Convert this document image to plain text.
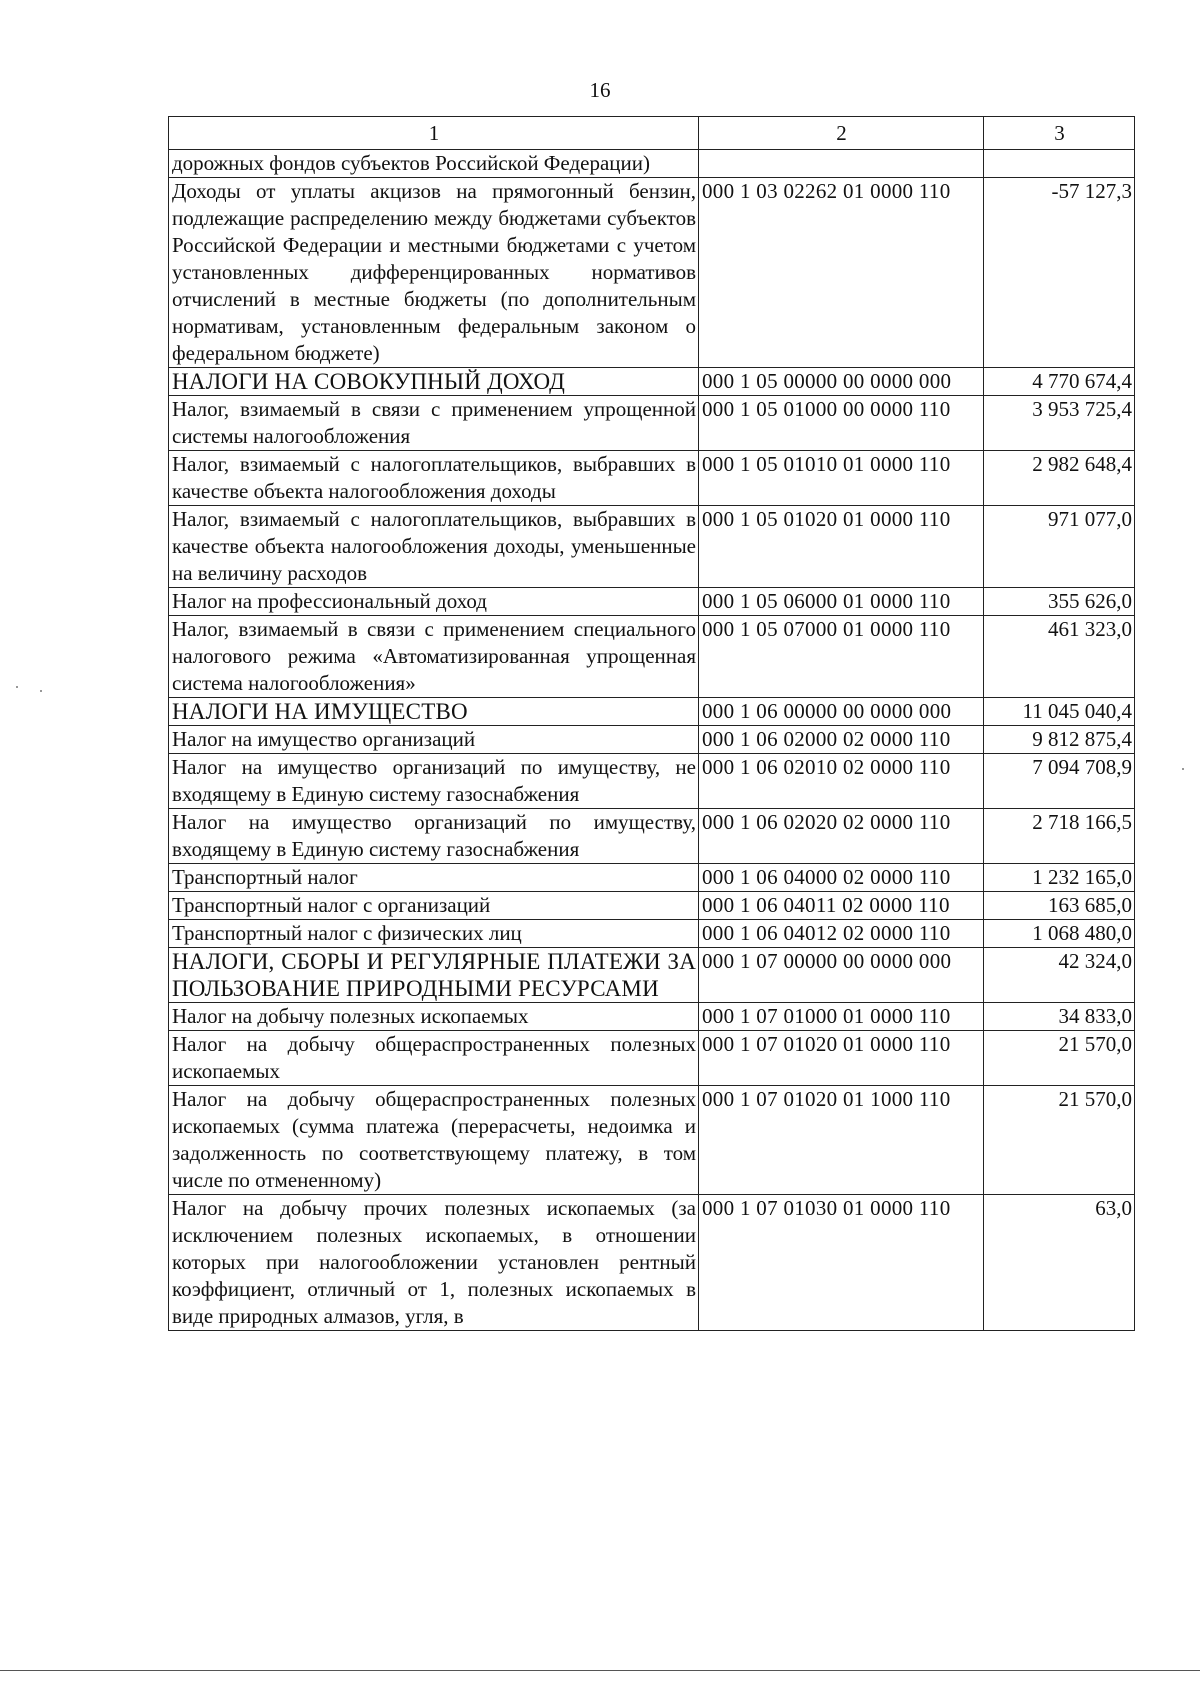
16
1	2	3
дорожных фондов субъектов Российской Федерации)		
Доходы от уплаты акцизов на прямогонный бензин, подлежащие распределению между бюджетами субъектов Российской Федерации и местными бюджетами с учетом установленных дифференцированных нормативов отчислений в местные бюджеты (по дополнительным нормативам, установленным федеральным законом о федеральном бюджете)	000 1 03 02262 01 0000 110	-57 127,3
НАЛОГИ НА СОВОКУПНЫЙ ДОХОД	000 1 05 00000 00 0000 000	4 770 674,4
Налог, взимаемый в связи с применением упрощенной системы налогообложения	000 1 05 01000 00 0000 110	3 953 725,4
Налог, взимаемый с налогоплательщиков, выбравших в качестве объекта налогообложения доходы	000 1 05 01010 01 0000 110	2 982 648,4
Налог, взимаемый с налогоплательщиков, выбравших в качестве объекта налогообложения доходы, уменьшенные на величину расходов	000 1 05 01020 01 0000 110	971 077,0
Налог на профессиональный доход	000 1 05 06000 01 0000 110	355 626,0
Налог, взимаемый в связи с применением специального налогового режима «Автоматизированная упрощенная система налогообложения»	000 1 05 07000 01 0000 110	461 323,0
НАЛОГИ НА ИМУЩЕСТВО	000 1 06 00000 00 0000 000	11 045 040,4
Налог на имущество организаций	000 1 06 02000 02 0000 110	9 812 875,4
Налог на имущество организаций по имуществу, не входящему в Единую систему газоснабжения	000 1 06 02010 02 0000 110	7 094 708,9
Налог на имущество организаций по имуществу, входящему в Единую систему газоснабжения	000 1 06 02020 02 0000 110	2 718 166,5
Транспортный налог	000 1 06 04000 02 0000 110	1 232 165,0
Транспортный налог с организаций	000 1 06 04011 02 0000 110	163 685,0
Транспортный налог с физических лиц	000 1 06 04012 02 0000 110	1 068 480,0
НАЛОГИ, СБОРЫ И РЕГУЛЯРНЫЕ ПЛАТЕЖИ ЗА ПОЛЬЗОВАНИЕ ПРИРОДНЫМИ РЕСУРСАМИ	000 1 07 00000 00 0000 000	42 324,0
Налог на добычу полезных ископаемых	000 1 07 01000 01 0000 110	34 833,0
Налог на добычу общераспространенных полезных ископаемых	000 1 07 01020 01 0000 110	21 570,0
Налог на добычу общераспространенных полезных ископаемых (сумма платежа (перерасчеты, недоимка и задолженность по соответствующему платежу, в том числе по отмененному)	000 1 07 01020 01 1000 110	21 570,0
Налог на добычу прочих полезных ископаемых (за исключением полезных ископаемых, в отношении которых при налогообложении установлен рентный коэффициент, отличный от 1, полезных ископаемых в виде природных алмазов, угля, в	000 1 07 01030 01 0000 110	63,0
